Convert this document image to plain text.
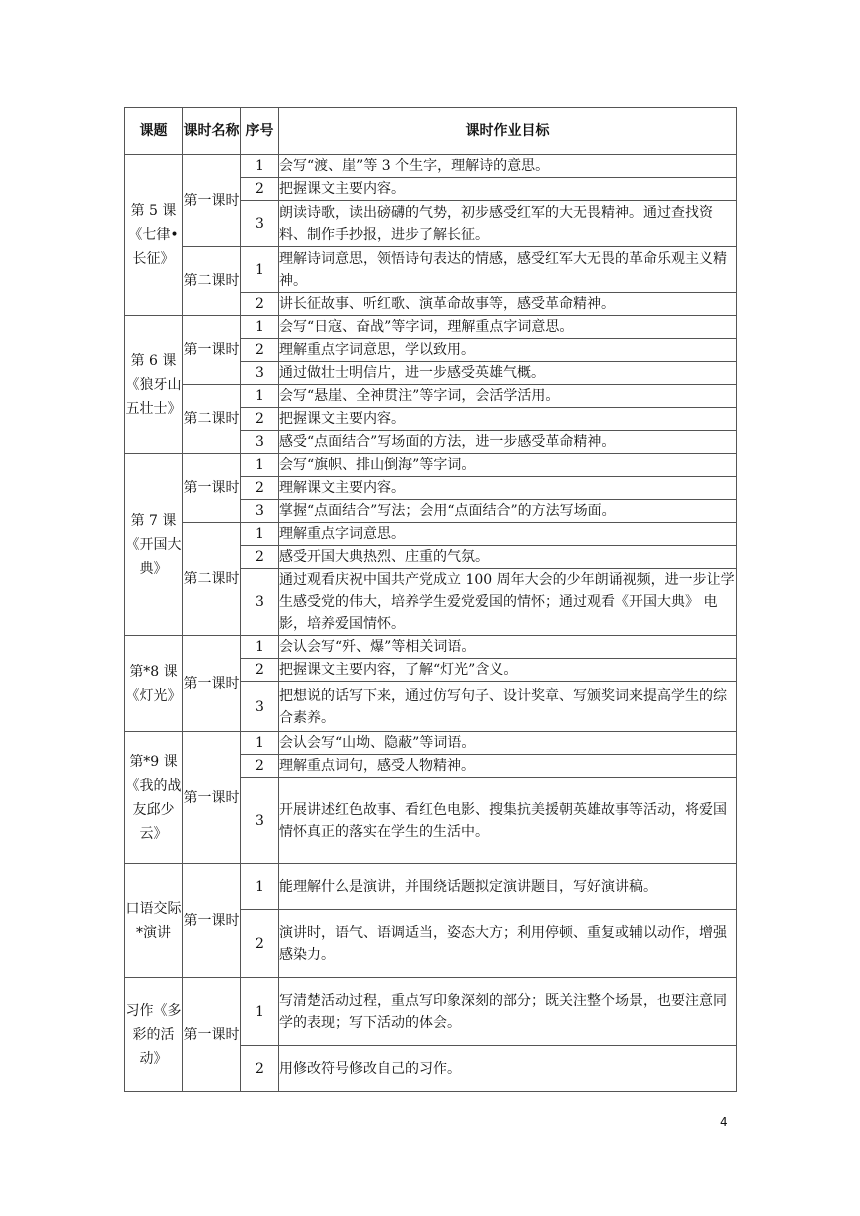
课题	课时名称	序号	课时作业目标
第 5 课《七律•长征》	第一课时	1	会写“渡、崖”等 3 个生字，理解诗的意思。
		2	把握课文主要内容。
		3	朗读诗歌，读出磅礴的气势，初步感受红军的大无畏精神。通过查找资料、制作手抄报，进步了解长征。
	第二课时	1	理解诗词意思，领悟诗句表达的情感，感受红军大无畏的革命乐观主义精神。
		2	讲长征故事、听红歌、演革命故事等，感受革命精神。
第 6 课《狼牙山五壮士》	第一课时	1	会写“日寇、奋战”等字词，理解重点字词意思。
		2	理解重点字词意思，学以致用。
		3	通过做壮士明信片，进一步感受英雄气概。
	第二课时	1	会写“悬崖、全神贯注”等字词，会活学活用。
		2	把握课文主要内容。
		3	感受“点面结合”写场面的方法，进一步感受革命精神。
第 7 课《开国大典》	第一课时	1	会写“旗帜、排山倒海”等字词。
		2	理解课文主要内容。
		3	掌握“点面结合”写法；会用“点面结合”的方法写场面。
	第二课时	1	理解重点字词意思。
		2	感受开国大典热烈、庄重的气氛。
		3	通过观看庆祝中国共产党成立 100 周年大会的少年朗诵视频，进一步让学生感受党的伟大，培养学生爱党爱国的情怀；通过观看《开国大典》 电影，培养爱国情怀。
第*8 课《灯光》	第一课时	1	会认会写“歼、爆”等相关词语。
		2	把握课文主要内容，了解“灯光”含义。
		3	把想说的话写下来，通过仿写句子、设计奖章、写颁奖词来提高学生的综合素养。
第*9 课《我的战友邱少云》	第一课时	1	会认会写“山坳、隐蔽”等词语。
		2	理解重点词句，感受人物精神。
		3	开展讲述红色故事、看红色电影、搜集抗美援朝英雄故事等活动，将爱国情怀真正的落实在学生的生活中。
口语交际*演讲	第一课时	1	能理解什么是演讲，并围绕话题拟定演讲题目，写好演讲稿。
		2	演讲时，语气、语调适当，姿态大方；利用停顿、重复或辅以动作，增强感染力。
习作《多彩的活动》	第一课时	1	写清楚活动过程，重点写印象深刻的部分；既关注整个场景，也要注意同学的表现；写下活动的体会。
		2	用修改符号修改自己的习作。
4
